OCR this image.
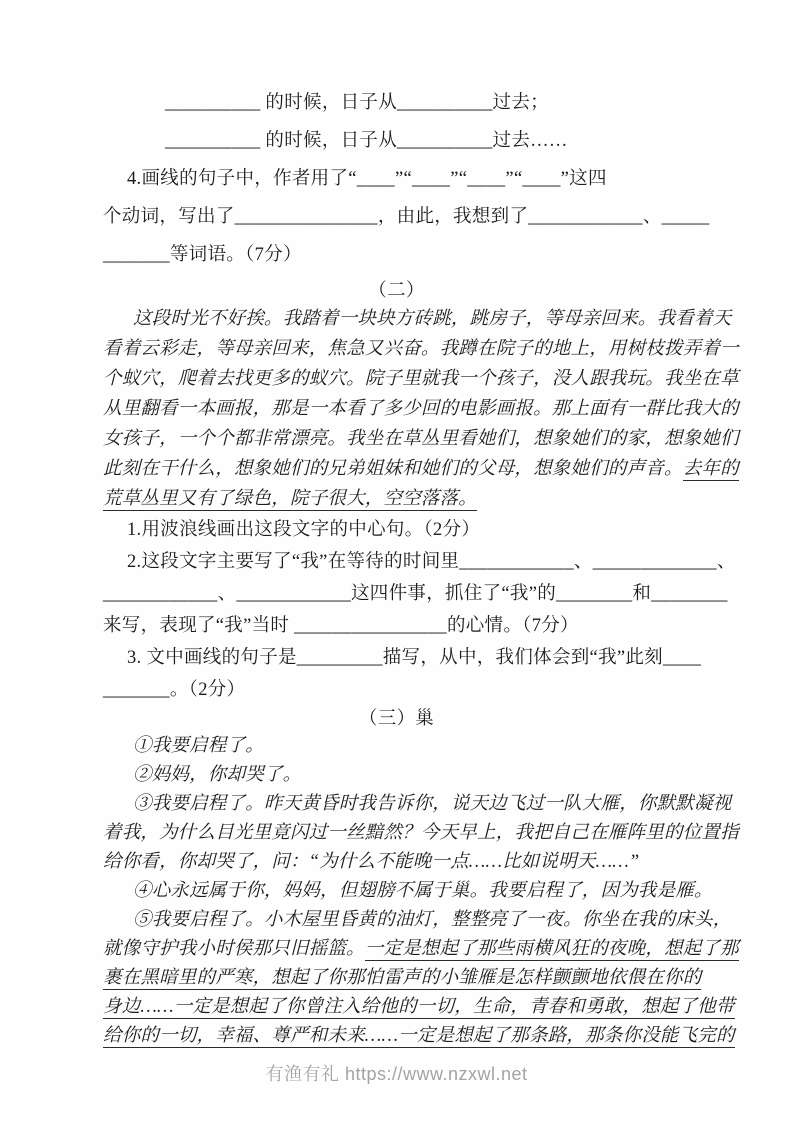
__________ 的时候，日子从__________过去；
__________ 的时候，日子从__________过去……
4.画线的句子中，作者用了“____”“____”“____”“____”这四
个动词，写出了_______________，由此，我想到了____________、_____
_______等词语。（7分）
（二）
这段时光不好挨。我踏着一块块方砖跳，跳房子，等母亲回来。我看着天
看着云彩走，等母亲回来，焦急又兴奋。我蹲在院子的地上，用树枝拨弄着一
个蚁穴，爬着去找更多的蚁穴。院子里就我一个孩子，没人跟我玩。我坐在草
从里翻看一本画报，那是一本看了多少回的电影画报。那上面有一群比我大的
女孩子，一个个都非常漂亮。我坐在草丛里看她们，想象她们的家，想象她们
此刻在干什么，想象她们的兄弟姐妹和她们的父母，想象她们的声音。去年的
荒草丛里又有了绿色，院子很大，空空落落。
1.用波浪线画出这段文字的中心句。（2分）
2.这段文字主要写了“我”在等待的时间里____________、_____________、
____________、____________这四件事，抓住了“我”的________和________
来写，表现了“我”当时 ________________的心情。（7分）
3. 文中画线的句子是_________描写，从中，我们体会到“我”此刻____
_______。（2分）
（三）巢
①我要启程了。
②妈妈，你却哭了。
③我要启程了。昨天黄昏时我告诉你，说天边飞过一队大雁，你默默凝视
着我，为什么目光里竟闪过一丝黯然？今天早上，我把自己在雁阵里的位置指
给你看，你却哭了，问：“为什么不能晚一点……比如说明天……”
④心永远属于你，妈妈，但翅膀不属于巢。我要启程了，因为我是雁。
⑤我要启程了。小木屋里昏黄的油灯，整整亮了一夜。你坐在我的床头，
就像守护我小时侯那只旧摇篮。一定是想起了那些雨横风狂的夜晚，想起了那
裹在黑暗里的严寒，想起了你那怕雷声的小雏雁是怎样颤颤地依偎在你的
身边……一定是想起了你曾注入给他的一切，生命，青春和勇敢，想起了他带
给你的一切，幸福、尊严和未来……一定是想起了那条路，那条你没能飞完的
有渔有礼 https://www.nzxwl.net
